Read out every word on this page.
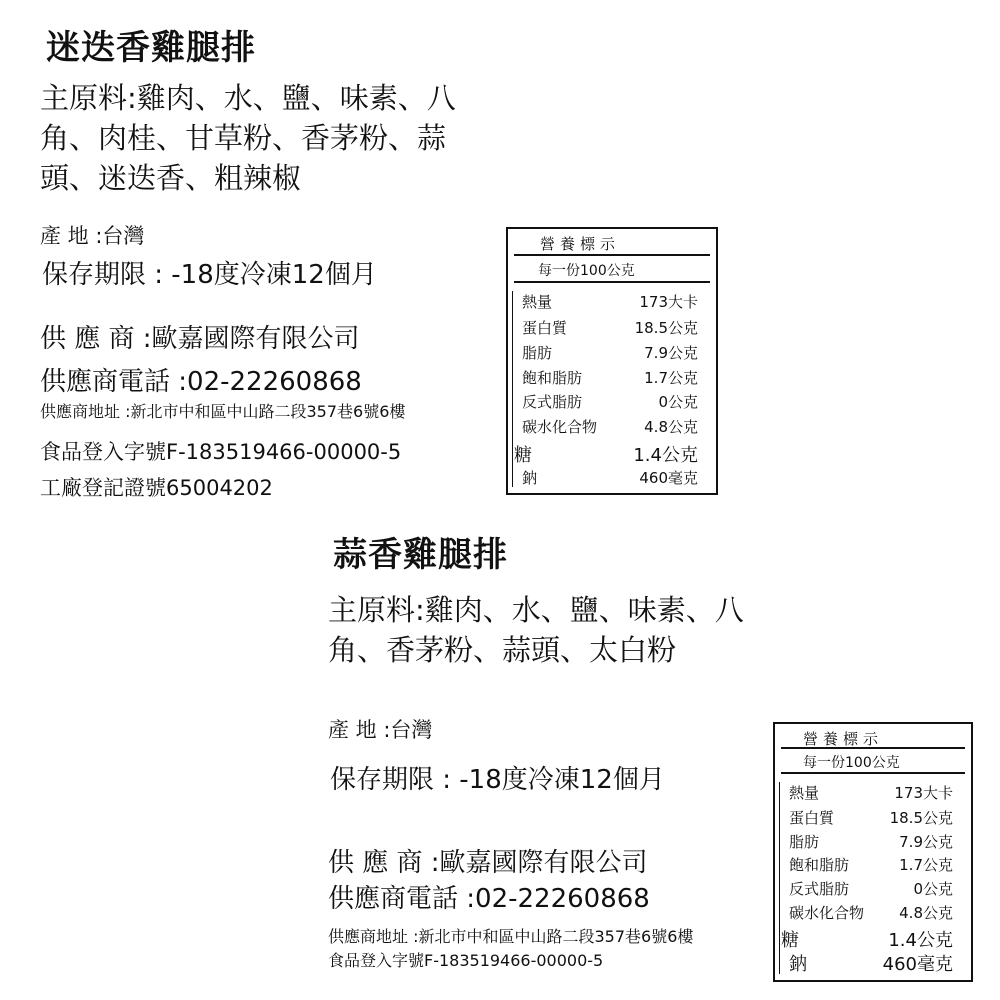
迷迭香雞腿排
主原料:雞肉、水、鹽、味素、八
角、肉桂、甘草粉、香茅粉、蒜
頭、迷迭香、粗辣椒
產 地 :台灣
保存期限 : -18度冷凍12個月
供 應 商 :歐嘉國際有限公司
供應商電話 :02-22260868
供應商地址 :新北市中和區中山路二段357巷6號6樓
食品登入字號F-183519466-00000-5
工廠登記證號65004202
營養標示
每一份100公克
熱量	173大卡
蛋白質	18.5公克
脂肪	7.9公克
飽和脂肪	1.7公克
反式脂肪	0公克
碳水化合物	4.8公克
糖	1.4公克
鈉	460毫克
蒜香雞腿排
主原料:雞肉、水、鹽、味素、八
角、香茅粉、蒜頭、太白粉
產 地 :台灣
保存期限 : -18度冷凍12個月
供 應 商 :歐嘉國際有限公司
供應商電話 :02-22260868
供應商地址 :新北市中和區中山路二段357巷6號6樓
食品登入字號F-183519466-00000-5
營養標示
每一份100公克
熱量	173大卡
蛋白質	18.5公克
脂肪	7.9公克
飽和脂肪	1.7公克
反式脂肪	0公克
碳水化合物 4.8公克
糖	1.4公克
鈉	460毫克
